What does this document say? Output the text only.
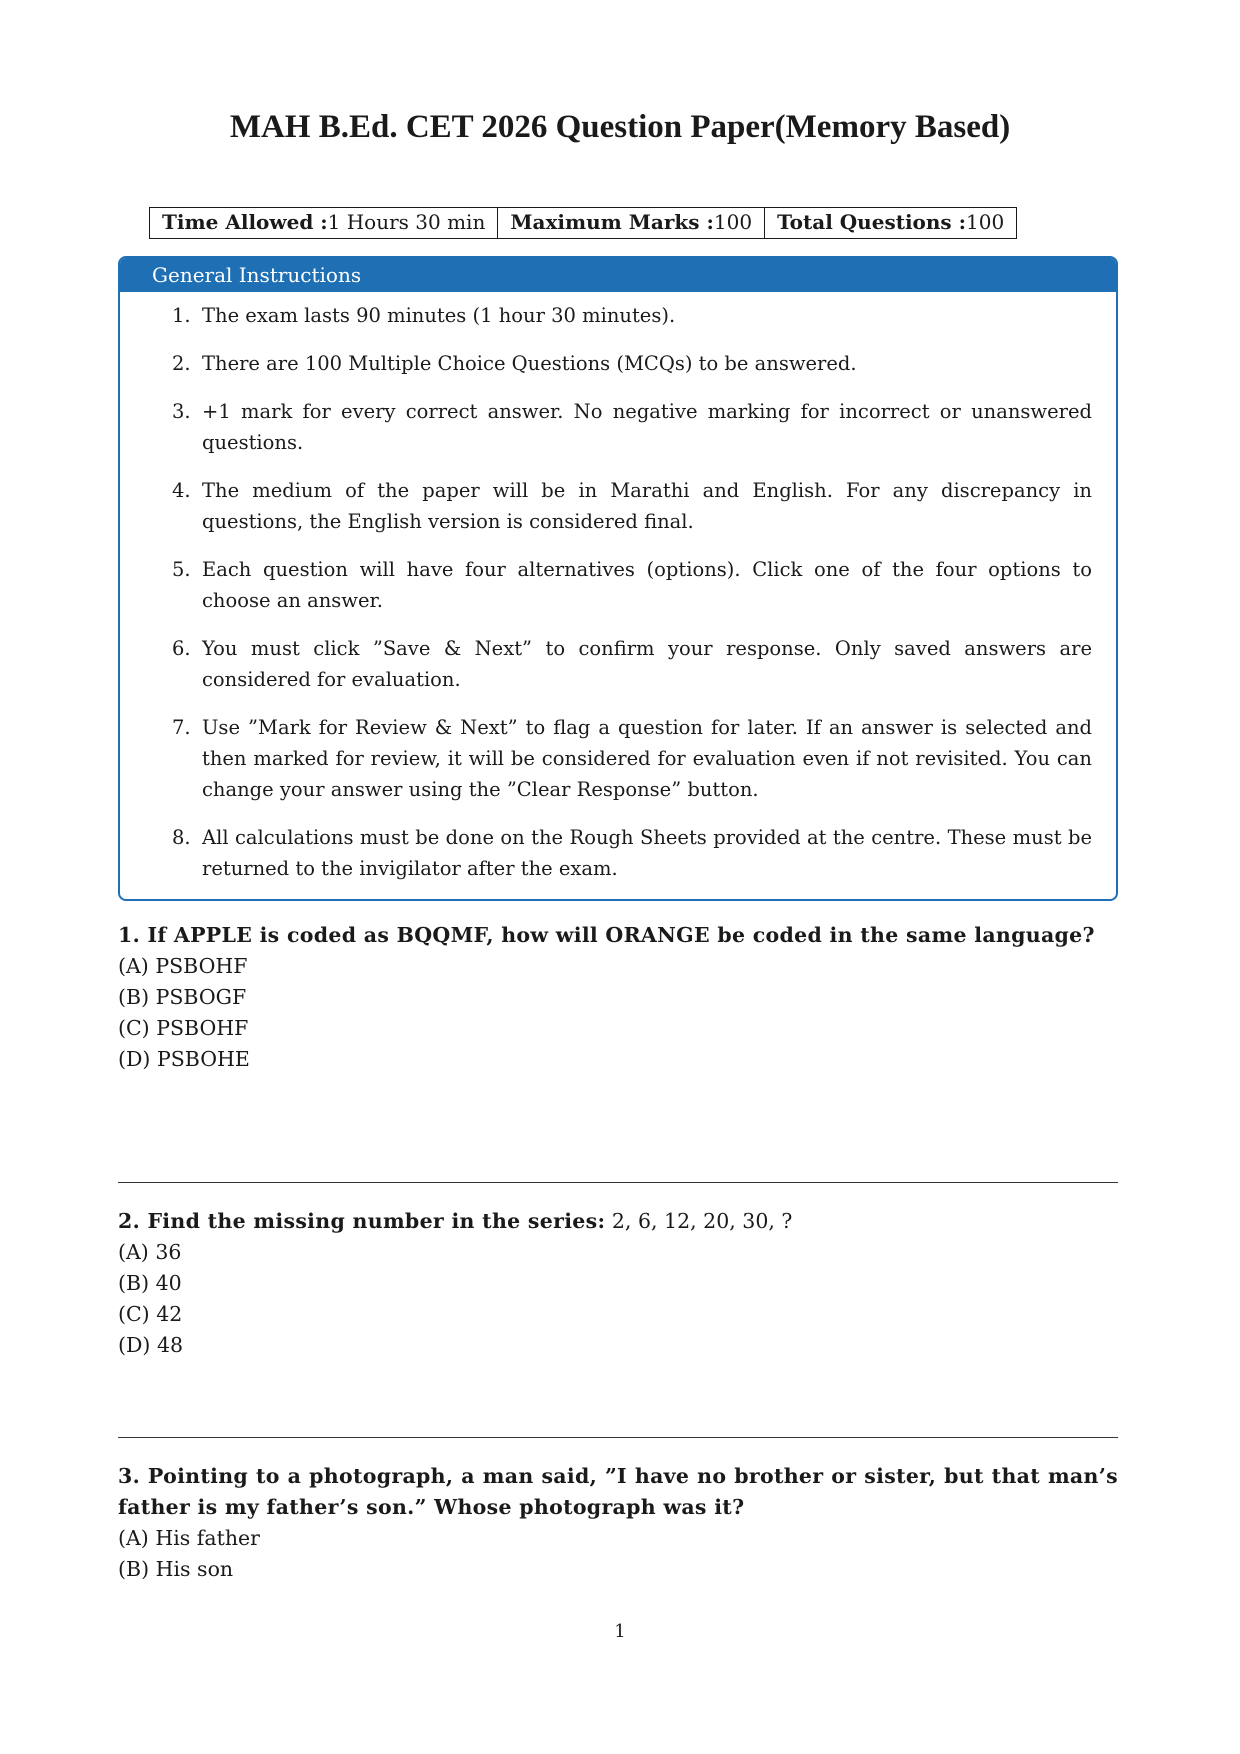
MAH B.Ed. CET 2026 Question Paper(Memory Based)
Time Allowed :1 Hours 30 min	Maximum Marks :100	Total Questions :100
General Instructions
1. The exam lasts 90 minutes (1 hour 30 minutes).
2. There are 100 Multiple Choice Questions (MCQs) to be answered.
3. +1 mark for every correct answer. No negative marking for incorrect or unanswered questions.
4. The medium of the paper will be in Marathi and English. For any discrepancy in questions, the English version is considered final.
5. Each question will have four alternatives (options). Click one of the four options to choose an answer.
6. You must click ”Save & Next” to confirm your response. Only saved answers are considered for evaluation.
7. Use ”Mark for Review & Next” to flag a question for later. If an answer is selected and then marked for review, it will be considered for evaluation even if not revisited. You can change your answer using the ”Clear Response” button.
8. All calculations must be done on the Rough Sheets provided at the centre. These must be returned to the invigilator after the exam.
1. If APPLE is coded as BQQMF, how will ORANGE be coded in the same language?
(A) PSBOHF
(B) PSBOGF
(C) PSBOHF
(D) PSBOHE
2. Find the missing number in the series: 2, 6, 12, 20, 30, ?
(A) 36
(B) 40
(C) 42
(D) 48
3. Pointing to a photograph, a man said, ”I have no brother or sister, but that man’s father is my father’s son.” Whose photograph was it?
(A) His father
(B) His son
1
